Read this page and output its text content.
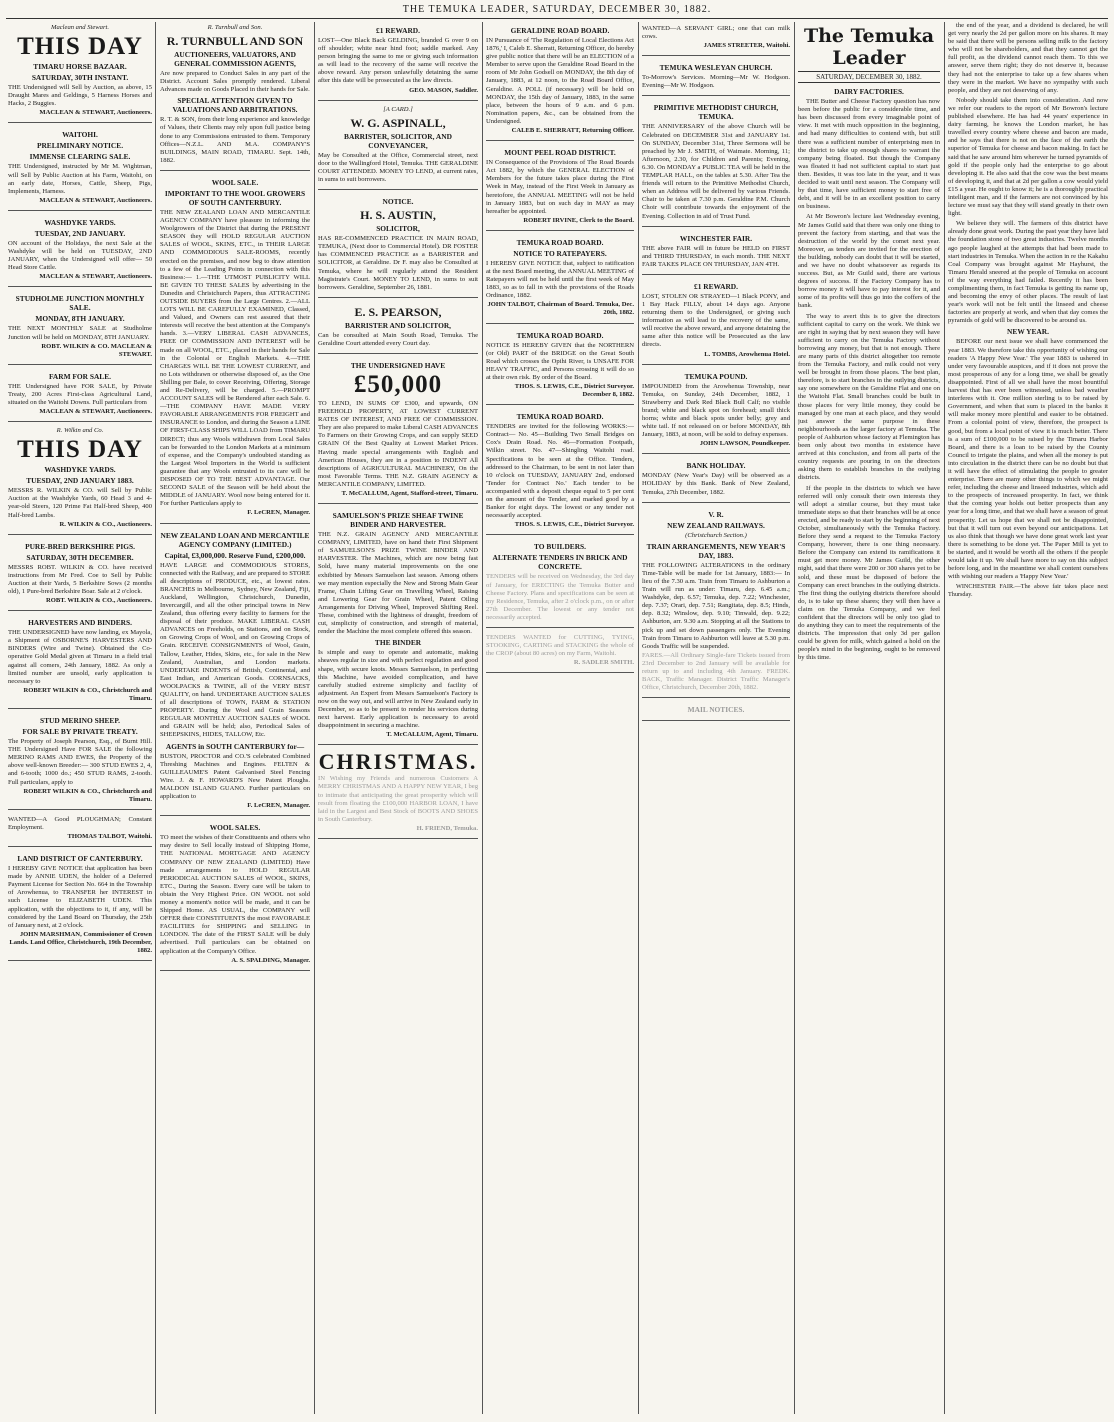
THE TEMUKA LEADER, SATURDAY, DECEMBER 30, 1882.
Maclean and Stewart.
THIS DAY
TIMARU HORSE BAZAAR.
SATURDAY, 30TH INSTANT.

THE Undersigned will Sell by Auction, as above, 15 Draught Mares and Geldings, 5 Harness Horses and Hacks, 2 Buggies.

MACLEAN & STEWART, Auctioneers.

WAITOHI.
PRELIMINARY NOTICE.
IMMENSE CLEARING SALE.

THE Undersigned, instructed by Mr M. Wightman, will Sell by Public Auction at his Farm, Waitohi, on an early date, Horses, Cattle, Sheep, Pigs, Implements, Harness.

MACLEAN & STEWART, Auctioneers.

WASHDYKE YARDS.
TUESDAY, 2ND JANUARY.

ON account of the Holidays, the next Sale at the Washdyke will be held on TUESDAY, 2ND JANUARY, when the Undersigned will offer— 50 Head Store Cattle.

MACLEAN & STEWART, Auctioneers.

STUDHOLME JUNCTION MONTHLY SALE.
MONDAY, 8TH JANUARY.

THE NEXT MONTHLY SALE at Studholme Junction will be held on MONDAY, 8TH JANUARY.

ROBT. WILKIN & CO. MACLEAN & STEWART.

FARM FOR SALE.

THE Undersigned have FOR SALE, by Private Treaty, 200 Acres First-class Agricultural Land, situated on the Waitohi Downs. Full particulars from

MACLEAN & STEWART, Auctioneers.

R. Wilkin and Co.
THIS DAY
WASHDYKE YARDS.
TUESDAY, 2ND JANUARY 1883.

MESSRS R. WILKIN & CO. will Sell by Public Auction at the Washdyke Yards, 60 Head 3 and 4-year-old Steers, 120 Prime Fat Half-bred Sheep, 400 Half-bred Lambs.

R. WILKIN & CO., Auctioneers.

PURE-BRED BERKSHIRE PIGS.
SATURDAY, 30TH DECEMBER.

MESSRS ROBT. WILKIN & CO. have received instructions from Mr Fred. Coe to Sell by Public Auction at their Yards, 5 Berkshire Sows (2 months old), 1 Pure-bred Berkshire Boar. Sale at 2 o'clock.

ROBT. WILKIN & CO., Auctioneers.

HARVESTERS AND BINDERS.

THE UNDERSIGNED have now landing, ex Mayola, a Shipment of OSBORNE'S HARVESTERS AND BINDERS (Wire and Twine). Obtained the Co-operative Gold Medal given at Timaru in a field trial against all comers, 24th January, 1882. As only a limited number are unsold, early application is necessary to

ROBERT WILKIN & CO., Christchurch and Timaru.

STUD MERINO SHEEP.
FOR SALE BY PRIVATE TREATY.

The Property of Joseph Pearson, Esq., of Burnt Hill. THE Undersigned Have FOR SALE the following MERINO RAMS AND EWES, the Property of the above well-known Breeder:— 300 STUD EWES 2, 4, and 6-tooth; 1000 do.; 450 STUD RAMS, 2-tooth. Full particulars, apply to

ROBERT WILKIN & CO., Christchurch and Timaru.

WANTED—A Good PLOUGHMAN; Constant Employment.

THOMAS TALBOT, Waitohi.

LAND DISTRICT OF CANTERBURY.

I HEREBY GIVE NOTICE that application has been made by ANNIE UDEN, the holder of a Deferred Payment License for Section No. 664 in the Township of Arowhenua, to TRANSFER her INTEREST in such License to ELIZABETH UDEN. This application, with the objections to it, if any, will be considered by the Land Board on Thursday, the 25th of January next, at 2 o'clock.

JOHN MARSHMAN, Commissioner of Crown Lands. Land Office, Christchurch, 19th December, 1882.

R. Turnbull and Son.
R. TURNBULL AND SON
AUCTIONEERS, VALUATORS, AND GENERAL COMMISSION AGENTS,

Are now prepared to Conduct Sales in any part of the District. Account Sales promptly rendered. Liberal Advances made on Goods Placed in their hands for Sale.

SPECIAL ATTENTION GIVEN TO VALUATIONS AND ARBITRATIONS.

R. T. & SON, from their long experience and knowledge of Values, their Clients may rely upon full justice being done to any Commissions entrusted to them. Temporary Offices—N.Z.L. AND M.A. COMPANY'S BUILDINGS, MAIN ROAD, TIMARU. Sept. 14th, 1882.

WOOL SALE.
IMPORTANT TO THE WOOL GROWERS OF SOUTH CANTERBURY.

THE NEW ZEALAND LOAN AND MERCANTILE AGENCY COMPANY have pleasure in informing the Woolgrowers of the District that during the PRESENT SEASON they will HOLD REGULAR AUCTION SALES of WOOL, SKINS, ETC., in THEIR LARGE AND COMMODIOUS SALE-ROOMS, recently erected on the premises, and now beg to draw attention to a few of the Leading Points in connection with this Business:— 1.—THE UTMOST PUBLICITY WILL BE GIVEN TO THESE SALES by advertising in the Dunedin and Christchurch Papers, thus ATTRACTING OUTSIDE BUYERS from the Large Centres. 2.—ALL LOTS WILL BE CAREFULLY EXAMINED, Classed, and Valued, and Owners can rest assured that their interests will receive the best attention at the Company's hands. 3.—VERY LIBERAL CASH ADVANCES, FREE OF COMMISSION AND INTEREST will be made on all WOOL, ETC., placed in their hands for Sale in the Colonial or English Markets. 4.—THE CHARGES WILL BE THE LOWEST CURRENT, and no Lots withdrawn or otherwise disposed of, as the One Shilling per Bale, to cover Receiving, Offering, Storage and Re-Delivery, will be charged. 5.—PROMPT ACCOUNT SALES will be Rendered after each Sale. 6.—THE COMPANY HAVE MADE VERY FAVORABLE ARRANGEMENTS FOR FREIGHT and INSURANCE to London, and during the Season a LINE OF FIRST-CLASS SHIPS WILL LOAD from TIMARU DIRECT; thus any Wools withdrawn from Local Sales can be forwarded to the London Markets at a minimum of expense, and the Company's undoubted standing as the Largest Wool Importers in the World is sufficient guarantee that any Wools entrusted to its care will be DISPOSED OF TO THE BEST ADVANTAGE. Our SECOND SALE of the Season will be held about the MIDDLE of JANUARY. Wool now being entered for it. For further Particulars apply to

F. LeCREN, Manager.

NEW ZEALAND LOAN AND MERCANTILE AGENCY COMPANY (LIMITED.)
Capital, £3,000,000. Reserve Fund, £200,000.

HAVE LARGE and COMMODIOUS STORES, connected with the Railway, and are prepared to STORE all descriptions of PRODUCE, etc., at lowest rates. BRANCHES in Melbourne, Sydney, New Zealand, Fiji, Auckland, Wellington, Christchurch, Dunedin, Invercargill, and all the other principal towns in New Zealand, thus offering every facility to farmers for the disposal of their produce. MAKE LIBERAL CASH ADVANCES on Freeholds, on Stations, and on Stock, on Growing Crops of Wool, and on Growing Crops of Grain. RECEIVE CONSIGNMENTS of Wool, Grain, Tallow, Leather, Hides, Skins, etc., for sale in the New Zealand, Australian, and London markets. UNDERTAKE INDENTS of British, Continental, and East Indian, and American Goods. CORNSACKS, WOOLPACKS & TWINE, all of the VERY BEST QUALITY, on hand. UNDERTAKE AUCTION SALES of all descriptions of TOWN, FARM & STATION PROPERTY. During the Wool and Grain Seasons REGULAR MONTHLY AUCTION SALES of WOOL and GRAIN will be held; also, Periodical Sales of SHEEPSKINS, HIDES, TALLOW, Etc.

AGENTS in SOUTH CANTERBURY for—

BUSTON, PROCTOR and CO.'S celebrated Combined Threshing Machines and Engines. FELTEN & GUILLEAUME'S Patent Galvanised Steel Fencing Wire. J. & F. HOWARD'S New Patent Ploughs. MALDON ISLAND GUANO. Further particulars on application to

F. LeCREN, Manager.

WOOL SALES.

TO meet the wishes of their Constituents and others who may desire to Sell locally instead of Shipping Home, THE NATIONAL MORTGAGE AND AGENCY COMPANY OF NEW ZEALAND (LIMITED) Have made arrangements to HOLD REGULAR PERIODICAL AUCTION SALES of WOOL, SKINS, ETC., During the Season. Every care will be taken to obtain the Very Highest Price. ON WOOL not sold money a moment's notice will be made, and it can be Shipped Home. AS USUAL, the COMPANY will OFFER their CONSTITUENTS the most FAVORABLE FACILITIES for SHIPPING and SELLING in LONDON. The date of the FIRST SALE will be duly advertised. Full particulars can be obtained on application at the Company's Office.

A. S. SPALDING, Manager.

£1 REWARD.

LOST—One Black Back GELDING, branded G over 9 on off shoulder; white near hind foot; saddle marked. Any person bringing the same to me or giving such information as will lead to the recovery of the same will receive the above reward. Any person unlawfully detaining the same after this date will be prosecuted as the law directs.

GEO. MASON, Saddler.

[A CARD.]
W. G. ASPINALL,
BARRISTER, SOLICITOR, AND CONVEYANCER,

May be Consulted at the Office, Commercial street, next door to the Wallingford Hotel, Temuka. THE GERALDINE COURT ATTENDED. MONEY TO LEND, at current rates, in sums to suit borrowers.

NOTICE.
H. S. AUSTIN,
SOLICITOR,

HAS RE-COMMENCED PRACTICE IN MAIN ROAD, TEMUKA, (Next door to Commercial Hotel). DR FOSTER has COMMENCED PRACTICE as a BARRISTER and SOLICITOR, at Geraldine. Dr F. may also be Consulted at Temuka, where he will regularly attend the Resident Magistrate's Court. MONEY TO LEND, in sums to suit borrowers. Geraldine, September 26, 1881.

E. S. PEARSON,
BARRISTER AND SOLICITOR,

Can be consulted at Main South Road, Temuka. The Geraldine Court attended every Court day.

THE UNDERSIGNED HAVE
£50,000

TO LEND, IN SUMS OF £300, and upwards, ON FREEHOLD PROPERTY, AT LOWEST CURRENT RATES OF INTEREST, AND FREE OF COMMISSION. They are also prepared to make Liberal CASH ADVANCES To Farmers on their Growing Crops, and can supply SEED GRAIN Of the Best Quality at Lowest Market Prices. Having made special arrangements with English and American Houses, they are in a position to INDENT All descriptions of AGRICULTURAL MACHINERY, On the most Favorable Terms. THE N.Z. GRAIN AGENCY & MERCANTILE COMPANY, LIMITED.

T. McCALLUM, Agent, Stafford-street, Timaru.

SAMUELSON'S PRIZE SHEAF TWINE BINDER AND HARVESTER.

THE N.Z. GRAIN AGENCY AND MERCANTILE COMPANY, LIMITED, have on hand their First Shipment of SAMUELSON'S PRIZE TWINE BINDER AND HARVESTER. The Machines, which are now being fast Sold, have many material improvements on the one exhibited by Messrs Samuelson last season. Among others we may mention especially the New and Strong Main Gear Frame, Chain Lifting Gear on Travelling Wheel, Raising and Lowering Gear for Grain Wheel, Patent Oiling Arrangements for Driving Wheel, Improved Shifting Reel. These, combined with the lightness of draught, freedom of cut, simplicity of construction, and strength of material, render the Machine the most complete offered this season.

THE BINDER

Is simple and easy to operate and automatic, making sheaves regular in size and with perfect regulation and good shape, with secure knots. Messrs Samuelson, in perfecting this Machine, have avoided complication, and have carefully studied extreme simplicity and facility of adjustment. An Expert from Messrs Samuelson's Factory is now on the way out, and will arrive in New Zealand early in December, so as to be present to render his services during next harvest. Early application is necessary to avoid disappointment in securing a machine.

T. McCALLUM, Agent, Timaru.

CHRISTMAS.

IN Wishing my Friends and numerous Customers A MERRY CHRISTMAS AND A HAPPY NEW YEAR, I beg to intimate that anticipating the great prosperity which will result from floating the £100,000 HARBOR LOAN, I have laid in the Largest and Best Stock of BOOTS AND SHOES in South Canterbury.

H. FRIEND, Temuka.

GERALDINE ROAD BOARD.

IN Pursuance of 'The Regulation of Local Elections Act 1876,' I, Caleb E. Sherratt, Returning Officer, do hereby give public notice that there will be an ELECTION of a Member to serve upon the Geraldine Road Board in the room of Mr John Godsell on MONDAY, the 8th day of January, 1883, at 12 noon, to the Road Board Office, Geraldine. A POLL (if necessary) will be held on MONDAY, the 15th day of January, 1883, in the same place, between the hours of 9 a.m. and 6 p.m. Nomination papers, &c., can be obtained from the Undersigned.

CALEB E. SHERRATT, Returning Officer.

MOUNT PEEL ROAD DISTRICT.

IN Consequence of the Provisions of The Road Boards Act 1882, by which the GENERAL ELECTION of Members for the future takes place during the First Week in May, instead of the First Week in January as heretofore, the ANNUAL MEETING will not be held in January 1883, but on such day in MAY as may hereafter be appointed.

ROBERT IRVINE, Clerk to the Board.

TEMUKA ROAD BOARD.
NOTICE TO RATEPAYERS.

I HEREBY GIVE NOTICE that, subject to ratification at the next Board meeting, the ANNUAL MEETING of Ratepayers will not be held until the first week of May 1883, so as to fall in with the provisions of the Roads Ordinance, 1882.

JOHN TALBOT, Chairman of Board. Temuka, Dec. 20th, 1882.

TEMUKA ROAD BOARD.

NOTICE IS HEREBY GIVEN that the NORTHERN (or Old) PART of the BRIDGE on the Great South Road which crosses the Opihi River, is UNSAFE FOR HEAVY TRAFFIC, and Persons crossing it will do so at their own risk. By order of the Board.

THOS. S. LEWIS, C.E., District Surveyor. December 8, 1882.

TEMUKA ROAD BOARD.

TENDERS are invited for the following WORKS:— Contract— No. 45—Building Two Small Bridges on Cox's Drain Road. No. 46—Formation Footpath, Wilkin street. No. 47—Shingling Waitohi road. Specifications to be seen at the Office. Tenders, addressed to the Chairman, to be sent in not later than 10 o'clock on TUESDAY, JANUARY 2nd, endorsed 'Tender for Contract No.' Each tender to be accompanied with a deposit cheque equal to 5 per cent on the amount of the Tender, and marked good by a Banker for eight days. The lowest or any tender not necessarily accepted.

THOS. S. LEWIS, C.E., District Surveyor.

TO BUILDERS.
ALTERNATE TENDERS IN BRICK AND CONCRETE.

TENDERS will be received on Wednesday, the 3rd day of January, for ERECTING the Temuka Butter and Cheese Factory. Plans and specifications can be seen at my Residence, Temuka, after 2 o'clock p.m., on or after 27th December. The lowest or any tender not necessarily accepted.

TENDERS WANTED for CUTTING, TYING, STOOKING, CARTING and STACKING the whole of the CROP (about 80 acres) on my Farm, Waitohi.

R. SADLER SMITH.

WANTED—A SERVANT GIRL; one that can milk cows.

JAMES STREETER, Waitohi.

TEMUKA WESLEYAN CHURCH.

To-Morrow's Services. Morning—Mr W. Hodgson. Evening—Mr W. Hodgson.

PRIMITIVE METHODIST CHURCH, TEMUKA.

THE ANNIVERSARY of the above Church will be Celebrated on DECEMBER 31st and JANUARY 1st. On SUNDAY, December 31st, Three Sermons will be preached by Mr J. SMITH, of Waimate. Morning, 11; Afternoon, 2.30, for Children and Parents; Evening, 6.30. On MONDAY a PUBLIC TEA will be held in the TEMPLAR HALL, on the tables at 5.30. After Tea the friends will return to the Primitive Methodist Church, when an Address will be delivered by various Friends. Chair to be taken at 7.30 p.m. Geraldine P.M. Church Choir will contribute towards the enjoyment of the Evening. Collection in aid of Trust Fund.

WINCHESTER FAIR.

THE above FAIR will in future be HELD on FIRST and THIRD THURSDAY, in each month. THE NEXT FAIR TAKES PLACE ON THURSDAY, JAN 4TH.

£1 REWARD.

LOST, STOLEN OR STRAYED—1 Black PONY, and 1 Bay Hack FILLY, about 14 days ago. Anyone returning them to the Undersigned, or giving such information as will lead to the recovery of the same, will receive the above reward, and anyone detaining the same after this notice will be Prosecuted as the law directs.

L. TOMBS, Arowhenua Hotel.

TEMUKA POUND.

IMPOUNDED from the Arowhenua Township, near Temuka, on Sunday, 24th December, 1882, 1 Strawberry and Dark Red Black Bull Calf; no visible brand; white and black spot on forehead; small thick horns; white and black spots under belly; grey and white tail. If not released on or before MONDAY, 8th January, 1883, at noon, will be sold to defray expenses.

JOHN LAWSON, Poundkeeper.

BANK HOLIDAY.

MONDAY (New Year's Day) will be observed as a HOLIDAY by this Bank. Bank of New Zealand, Temuka, 27th December, 1882.

V. R.
NEW ZEALAND RAILWAYS.
(Christchurch Section.)
TRAIN ARRANGEMENTS, NEW YEAR'S DAY, 1883.

THE FOLLOWING ALTERATIONS in the ordinary Time-Table will be made for 1st January, 1883:— In lieu of the 7.30 a.m. Train from Timaru to Ashburton a Train will run as under: Timaru, dep. 6.45 a.m.; Washdyke, dep. 6.57; Temuka, dep. 7.22; Winchester, dep. 7.37; Orari, dep. 7.51; Rangitata, dep. 8.5; Hinds, dep. 8.32; Winslow, dep. 9.10; Tinwald, dep. 9.22; Ashburton, arr. 9.30 a.m. Stopping at all the Stations to pick up and set down passengers only. The Evening Train from Timaru to Ashburton will leave at 5.30 p.m. Goods Traffic will be suspended.

FARES.—All Ordinary Single-fare Tickets issued from 23rd December to 2nd January will be available for return up to and including 4th January. FREDK. BACK, Traffic Manager. District Traffic Manager's Office, Christchurch, December 20th, 1882.

MAIL NOTICES.
The Temuka Leader
SATURDAY, DECEMBER 30, 1882.
DAIRY FACTORIES.

THE Butter and Cheese Factory question has now been before the public for a considerable time, and has been discussed from every imaginable point of view. It met with much opposition in the beginning, and had many difficulties to contend with, but still there was a sufficient number of enterprising men in the district to take up enough shares to warrant the company being floated. But though the Company was floated it had not sufficient capital to start just then. Besides, it was too late in the year, and it was decided to wait until next season. The Company will by that time, have sufficient money to start free of debt, and it will be in an excellent position to carry on business.

At Mr Bowron's lecture last Wednesday evening, Mr James Guild said that there was only one thing to prevent the factory from starting, and that was the destruction of the world by the comet next year. Moreover, as tenders are invited for the erection of the building, nobody can doubt that it will be started, and we have no doubt whatsoever as regards its success. But, as Mr Guild said, there are various degrees of success. If the Factory Company has to borrow money it will have to pay interest for it, and some of its profits will thus go into the coffers of the bank.

The way to avert this is to give the directors sufficient capital to carry on the work. We think we are right in saying that by next season they will have sufficient to carry on the Temuka Factory without borrowing any money, but that is not enough. There are many parts of this district altogether too remote from the Temuka Factory, and milk could not very well be brought in from those places. The best plan, therefore, is to start branches in the outlying districts, say one somewhere on the Geraldine Flat and one on the Waitohi Flat. Small branches could be built in those places for very little money, they could be managed by one man at each place, and they would just answer the same purpose in these neighbourhoods as the larger factory at Temuka. The people of Ashburton whose factory at Flemington has been only about two months in existence have arrived at this conclusion, and from all parts of the country requests are pouring in on the directors asking them to establish branches in the outlying districts.

If the people in the districts to which we have referred will only consult their own interests they will adopt a similar course, but they must take immediate steps so that their branches will be at once erected, and be ready to start by the beginning of next October, simultaneously with the Temuka Factory. Before they send a request to the Temuka Factory Company, however, there is one thing necessary. Before the Company can extend its ramifications it must get more money. Mr James Guild, the other night, said that there were 200 or 300 shares yet to be sold, and these must be disposed of before the Company can erect branches in the outlying districts. The first thing the outlying districts therefore should do, is to take up these shares; they will then have a claim on the Temuka Company, and we feel confident that the directors will be only too glad to do anything they can to meet the requirements of the districts. The impression that only 3d per gallon could be given for milk, which gained a hold on the people's mind in the beginning, ought to be removed by this time.

the end of the year, and a dividend is declared, he will get very nearly the 2d per gallon more on his shares. It may be said that there will be persons selling milk to the factory who will not be shareholders, and that they cannot get the full profit, as the dividend cannot reach them. To this we answer, serve them right; they do not deserve it, because they had not the enterprise to take up a few shares when they were in the market. We have no sympathy with such people, and they are not deserving of any.

Nobody should take them into consideration. And now we refer our readers to the report of Mr Bowron's lecture published elsewhere. He has had 44 years' experience in dairy farming, he knows the London market, he has travelled every country where cheese and bacon are made, and he says that there is not on the face of the earth the superior of Temuka for cheese and bacon making. In fact he said that he saw around him wherever he turned pyramids of gold if the people only had the enterprise to go about developing it. He also said that the cow was the best means of developing it, and that at 2d per gallon a cow would yield £15 a year. He ought to know it; he is a thoroughly practical intelligent man, and if the farmers are not convinced by his lecture we must say that they will stand greatly in their own light.

We believe they will. The farmers of this district have already done great work. During the past year they have laid the foundation stone of two great industries. Twelve months ago people laughed at the attempts that had been made to start industries in Temuka. When the action in re the Kakahu Coal Company was brought against Mr Hayhurst, the Timaru Herald sneered at the people of Temuka on account of the way everything had failed. Recently it has been complimenting them, in fact Temuka is getting its name up, and becoming the envy of other places. The result of last year's work will not be felt until the linseed and cheese factories are properly at work, and when that day comes the pyramids of gold will be discovered to be around us.

NEW YEAR.

BEFORE our next issue we shall have commenced the year 1883. We therefore take this opportunity of wishing our readers 'A Happy New Year.' The year 1883 is ushered in under very favourable auspices, and if it does not prove the most prosperous of any for a long time, we shall be greatly disappointed. First of all we shall have the most bountiful harvest that has ever been witnessed, unless bad weather interferes with it. One million sterling is to be raised by Government, and when that sum is placed in the banks it will make money more plentiful and easier to be obtained. From a colonial point of view, therefore, the prospect is good, but from a local point of view it is much better. There is a sum of £100,000 to be raised by the Timaru Harbor Board, and there is a loan to be raised by the County Council to irrigate the plains, and when all the money is put into circulation in the district there can be no doubt but that it will have the effect of stimulating the people to greater enterprise. There are many other things to which we might refer, including the cheese and linseed industries, which add to the prospects of increased prosperity. In fact, we think that the coming year holds out better prospects than any year for a long time, and that we shall have a season of great prosperity. Let us hope that we shall not be disappointed, but that it will turn out even beyond our anticipations. Let us also think that though we have done great work last year there is something to be done yet. The Paper Mill is yet to be started, and it would be worth all the others if the people would take it up. We shall have more to say on this subject before long, and in the meantime we shall content ourselves with wishing our readers a 'Happy New Year.'

WINCHESTER FAIR.—The above fair takes place next Thursday.
